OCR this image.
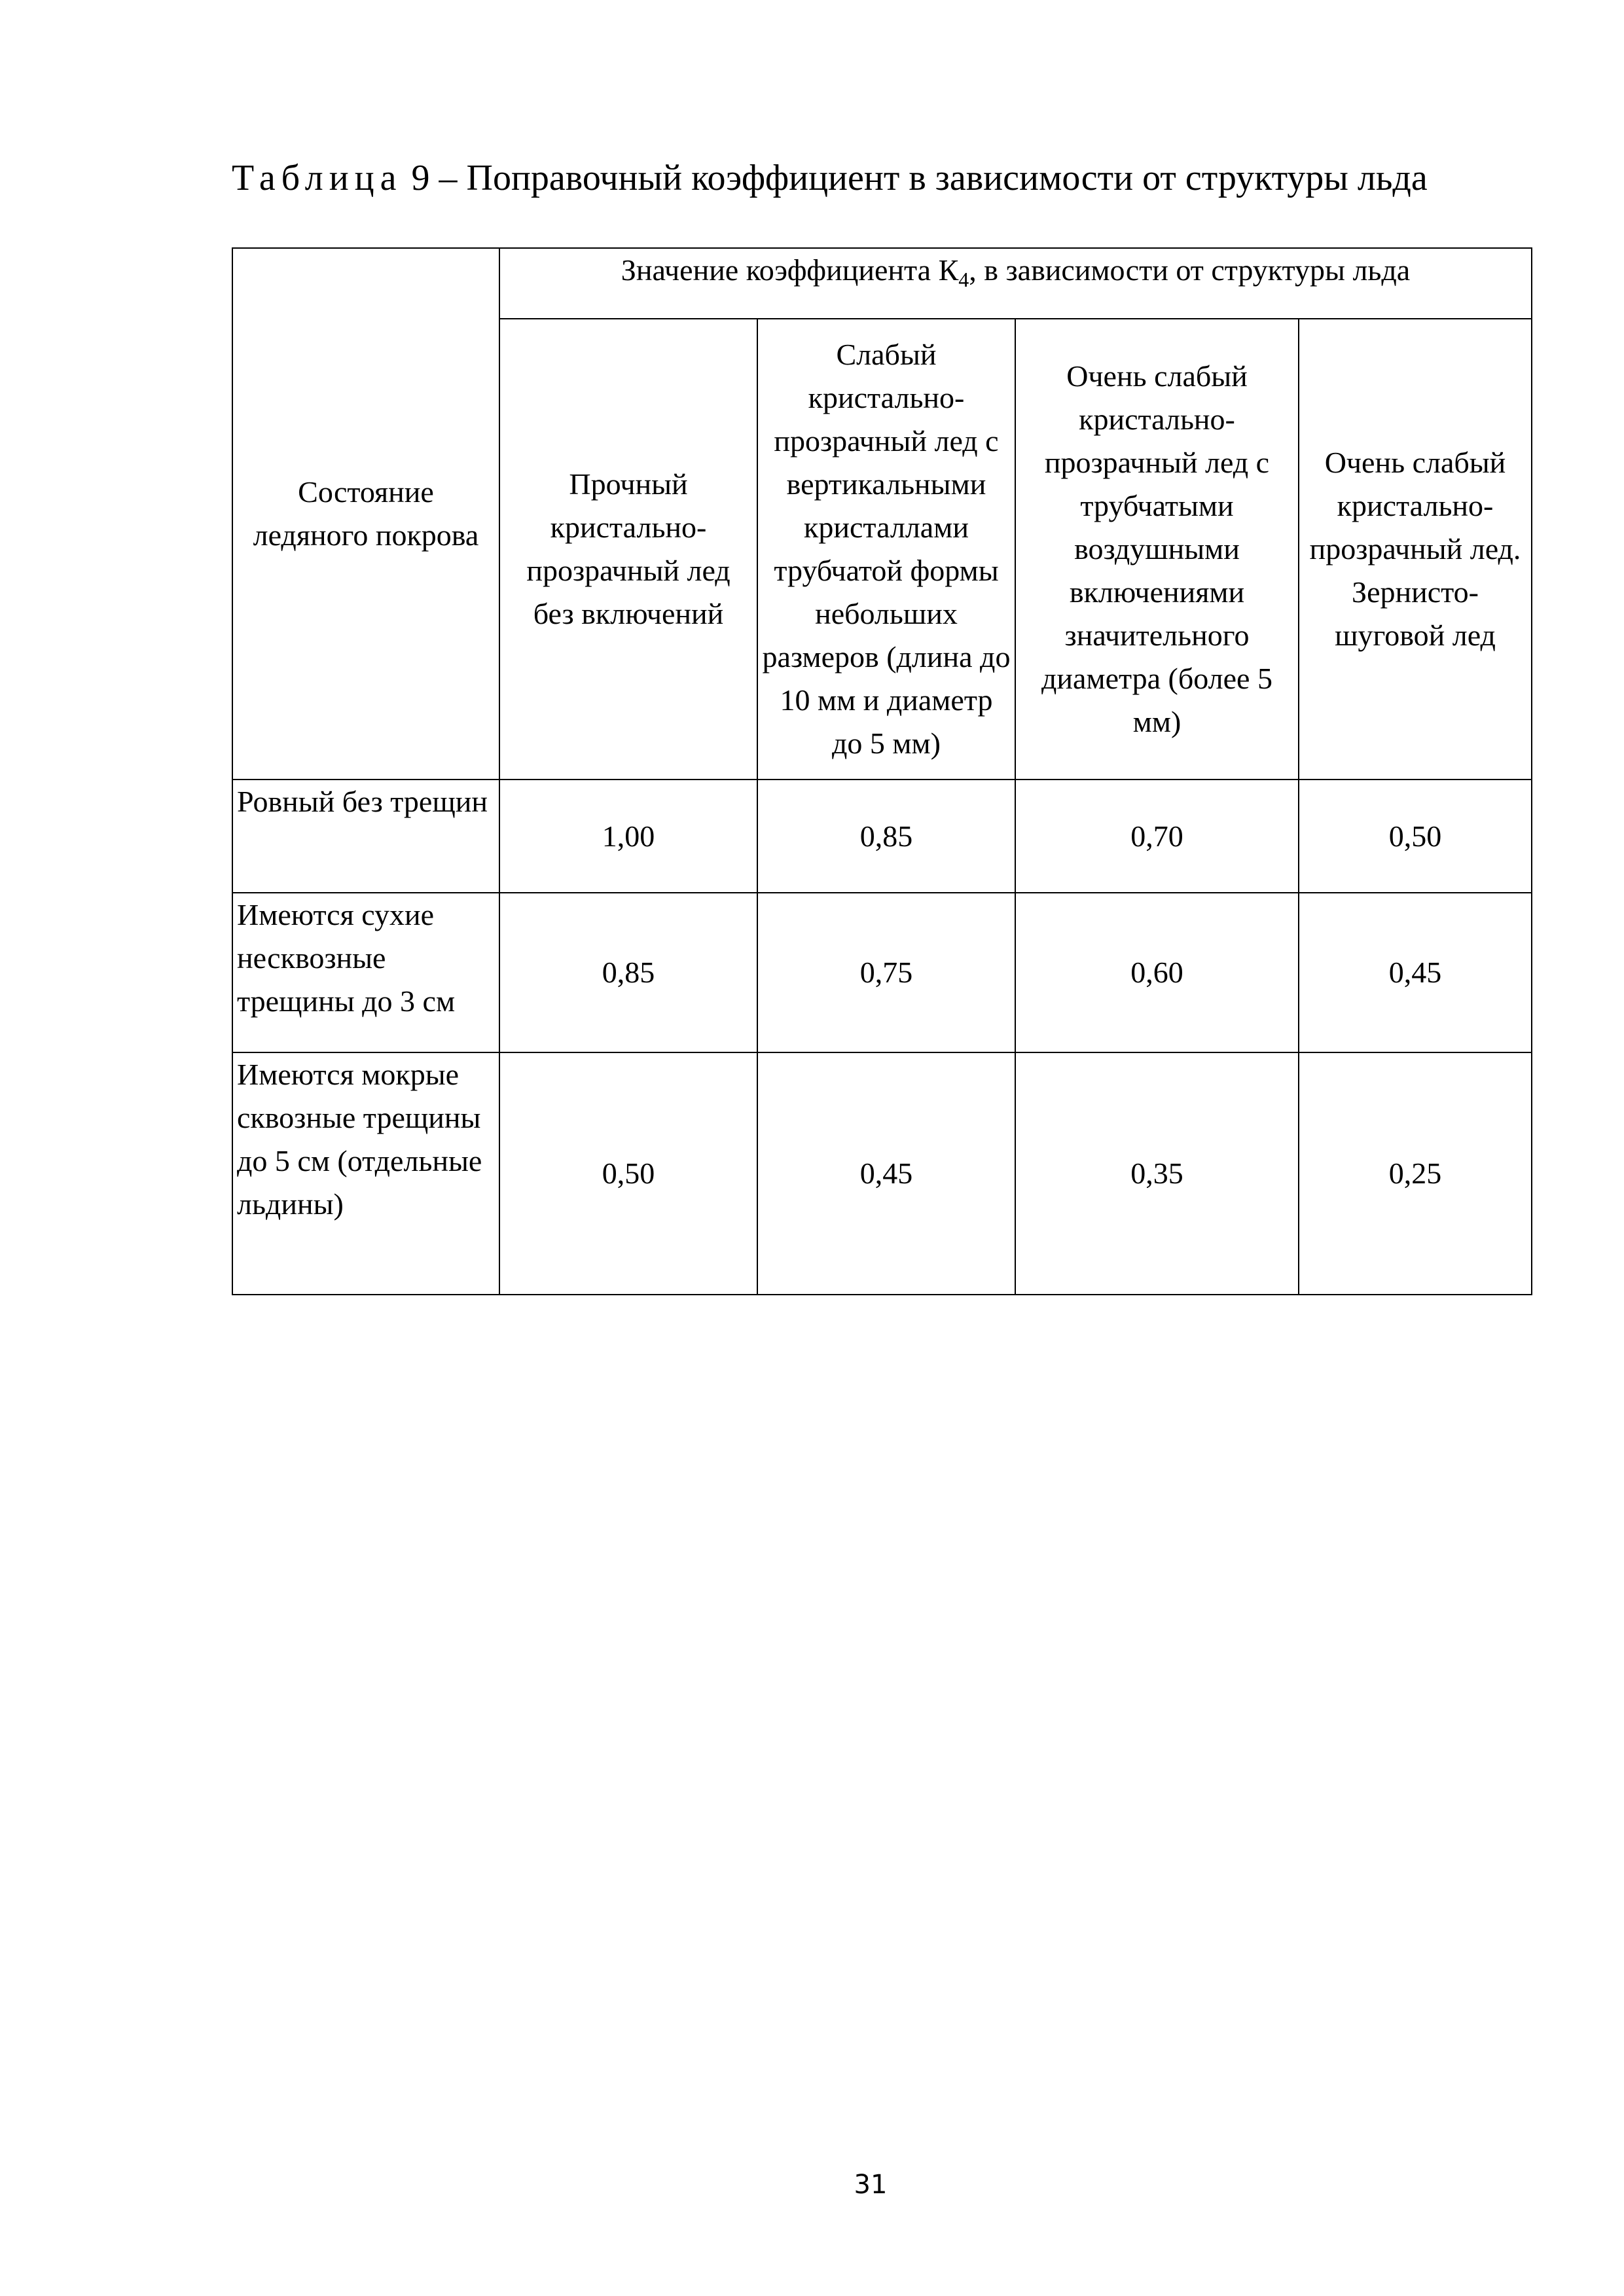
Таблица 9 – Поправочный коэффициент в зависимости от структуры льда
Состояние ледяного покрова	Значение коэффициента $К_4$, в зависимости от структуры льда			
	Прочный кристально-прозрачный лед без включений	Слабый кристально-прозрачный лед с вертикальными кристаллами трубчатой формы небольших размеров (длина до 10 мм и диаметр до 5 мм)	Очень слабый кристально-прозрачный лед с трубчатыми воздушными включениями значительного диаметра (более 5 мм)	Очень слабый кристально-прозрачный лед. Зернисто-шуговой лед
Ровный без трещин	1,00	0,85	0,70	0,50
Имеются сухие несквозные трещины до 3 см	0,85	0,75	0,60	0,45
Имеются мокрые сквозные трещины до 5 см (отдельные льдины)	0,50	0,45	0,35	0,25
31
